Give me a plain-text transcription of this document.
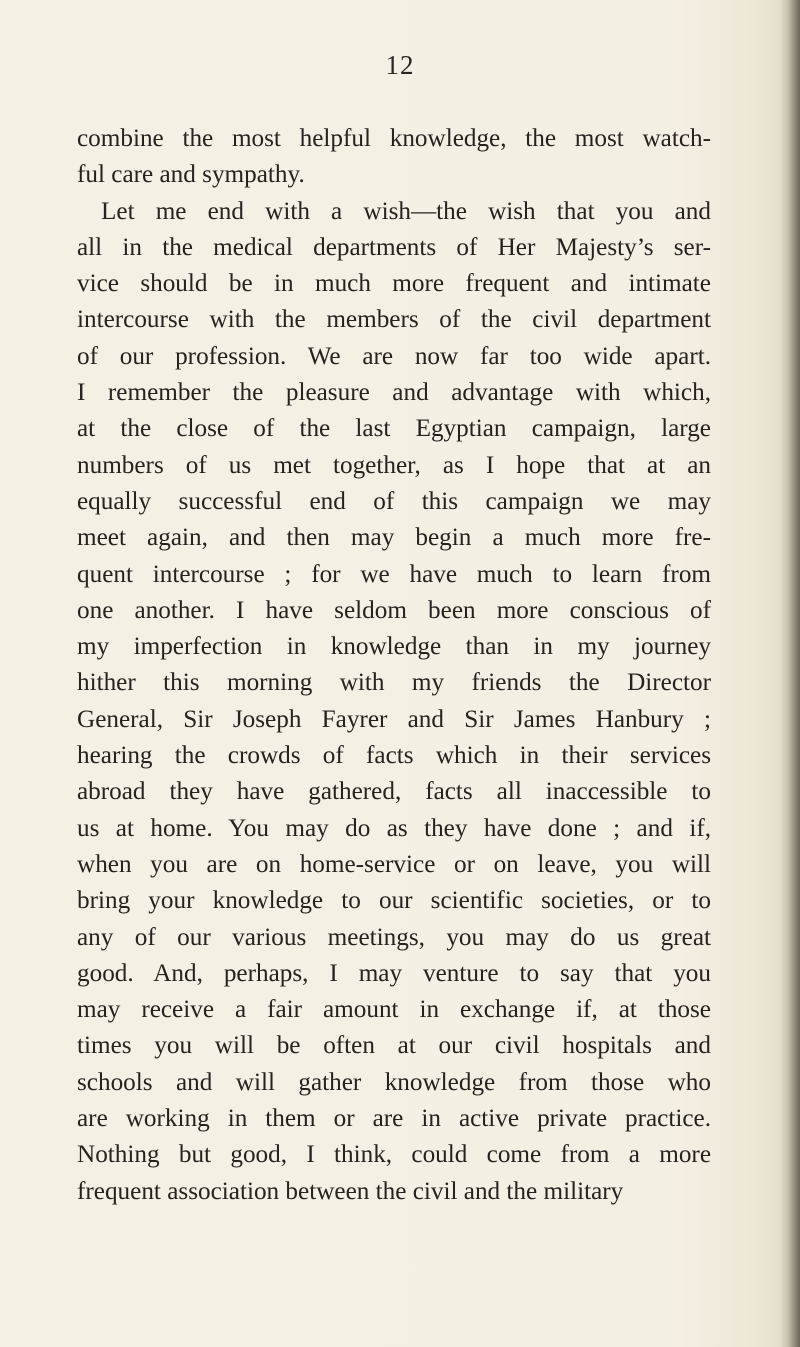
12
combine the most helpful knowledge, the most watch-
ful care and sympathy.
Let me end with a wish—the wish that you and
all in the medical departments of Her Majesty’s ser-
vice should be in much more frequent and intimate
intercourse with the members of the civil department
of our profession. We are now far too wide apart.
I remember the pleasure and advantage with which,
at the close of the last Egyptian campaign, large
numbers of us met together, as I hope that at an
equally successful end of this campaign we may
meet again, and then may begin a much more fre-
quent intercourse ; for we have much to learn from
one another. I have seldom been more conscious of
my imperfection in knowledge than in my journey
hither this morning with my friends the Director
General, Sir Joseph Fayrer and Sir James Hanbury ;
hearing the crowds of facts which in their services
abroad they have gathered, facts all inaccessible to
us at home. You may do as they have done ; and if,
when you are on home-service or on leave, you will
bring your knowledge to our scientific societies, or to
any of our various meetings, you may do us great
good. And, perhaps, I may venture to say that you
may receive a fair amount in exchange if, at those
times you will be often at our civil hospitals and
schools and will gather knowledge from those who
are working in them or are in active private practice.
Nothing but good, I think, could come from a more
frequent association between the civil and the military
